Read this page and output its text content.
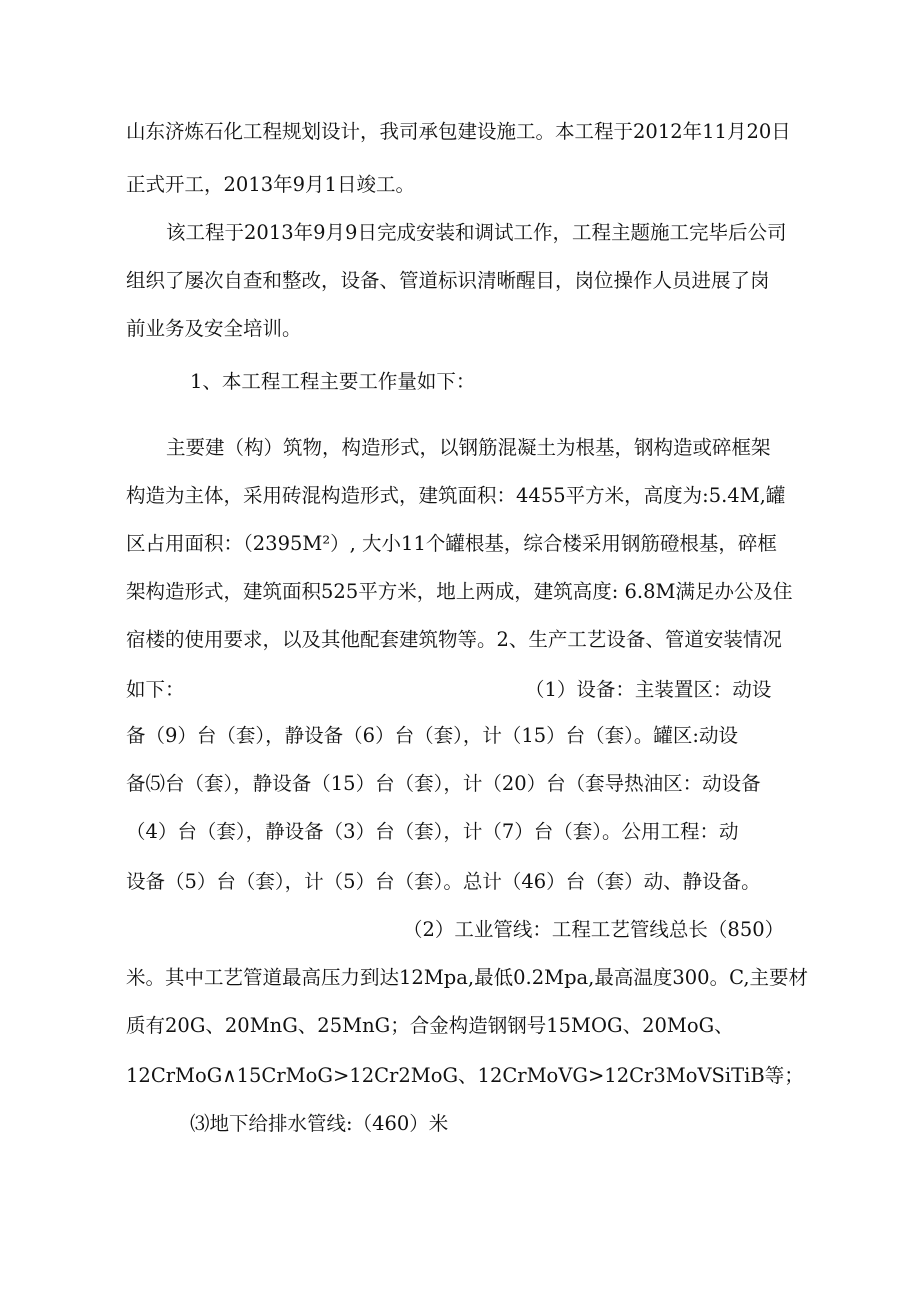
山东济炼石化工程规划设计，我司承包建设施工。本工程于2012年11月20日

正式开工，2013年9月1日竣工。

该工程于2013年9月9日完成安装和调试工作，工程主题施工完毕后公司

组织了屡次自查和整改，设备、管道标识清晰醒目，岗位操作人员进展了岗

前业务及安全培训。

1、本工程工程主要工作量如下：

主要建（构）筑物，构造形式，以钢筋混凝土为根基，钢构造或碎框架

构造为主体，采用砖混构造形式，建筑面积：4455平方米，高度为:5.4M,罐

区占用面积：（2395M²）, 大小11个罐根基，综合楼采用钢筋磴根基，碎框

架构造形式，建筑面积525平方米，地上两成，建筑高度: 6.8M满足办公及住

宿楼的使用要求，以及其他配套建筑物等。2、生产工艺设备、管道安装情况

如下：	（1）设备：主装置区：动设

备（9）台（套），静设备（6）台（套），计（15）台（套）。罐区:动设

备⑸台（套），静设备（15）台（套），计（20）台（套导热油区：动设备

（4）台（套），静设备（3）台（套），计（7）台（套）。公用工程：动

设备（5）台（套），计（5）台（套）。总计（46）台（套）动、静设备。

（2）工业管线：工程工艺管线总长（850）

米。其中工艺管道最高压力到达12Mpa,最低0.2Mpa,最高温度300。C,主要材

质有20G、20MnG、25MnG；合金构造钢钢号15MOG、20MoG、

12CrMoG∧15CrMoG>12Cr2MoG、12CrMoVG>12Cr3MoVSiTiB等；

⑶地下给排水管线:（460）米
